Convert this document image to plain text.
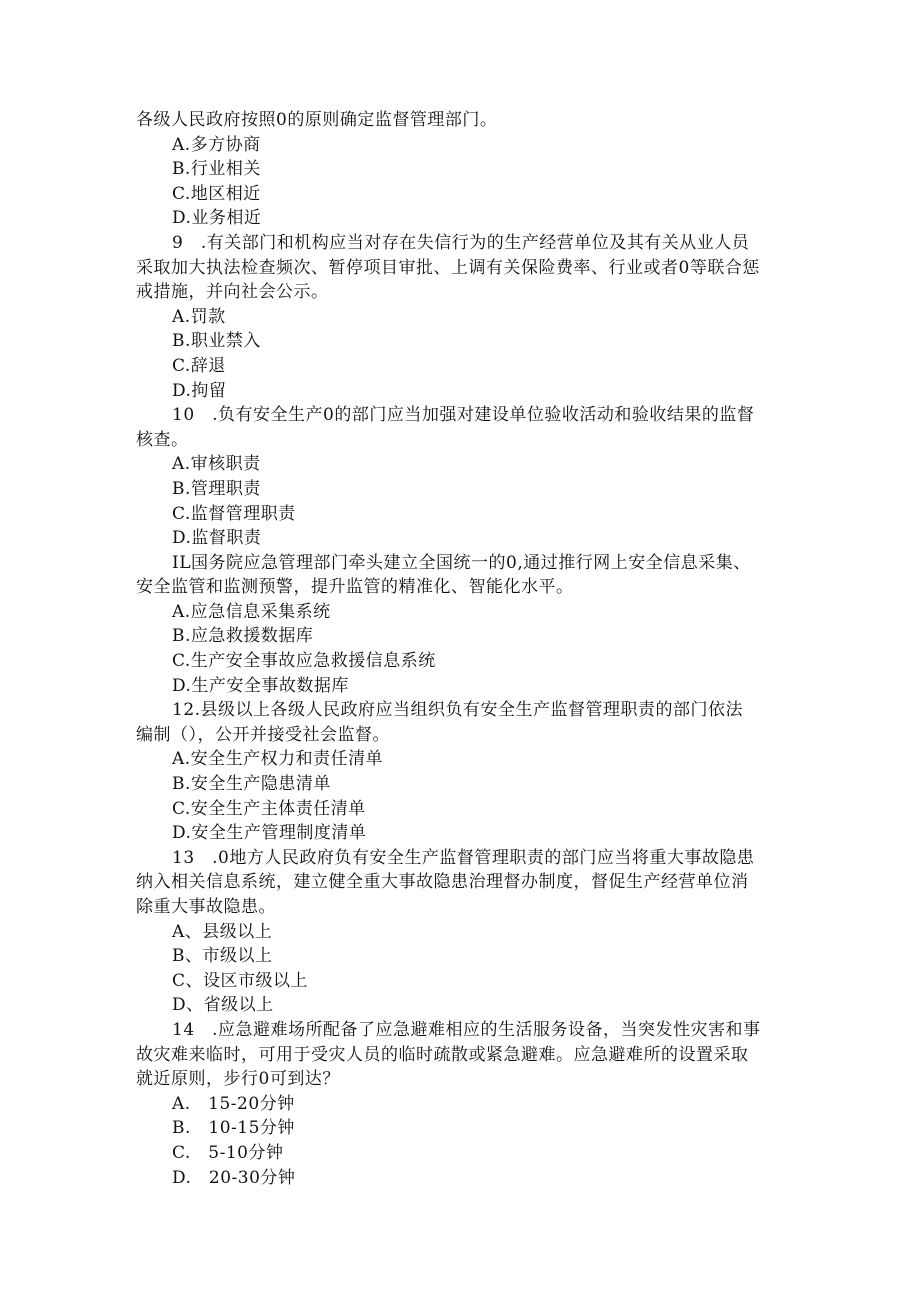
各级人民政府按照0的原则确定监督管理部门。
A.多方协商
B.行业相关
C.地区相近
D.业务相近
9　.有关部门和机构应当对存在失信行为的生产经营单位及其有关从业人员
采取加大执法检查频次、暂停项目审批、上调有关保险费率、行业或者0等联合惩
戒措施，并向社会公示。
A.罚款
B.职业禁入
C.辞退
D.拘留
10　.负有安全生产0的部门应当加强对建设单位验收活动和验收结果的监督
核查。
A.审核职责
B.管理职责
C.监督管理职责
D.监督职责
IL国务院应急管理部门牵头建立全国统一的0,通过推行网上安全信息采集、
安全监管和监测预警，提升监管的精准化、智能化水平。
A.应急信息采集系统
B.应急救援数据库
C.生产安全事故应急救援信息系统
D.生产安全事故数据库
12.县级以上各级人民政府应当组织负有安全生产监督管理职责的部门依法
编制（），公开并接受社会监督。
A.安全生产权力和责任清单
B.安全生产隐患清单
C.安全生产主体责任清单
D.安全生产管理制度清单
13　.0地方人民政府负有安全生产监督管理职责的部门应当将重大事故隐患
纳入相关信息系统，建立健全重大事故隐患治理督办制度，督促生产经营单位消
除重大事故隐患。
A、县级以上
B、市级以上
C、设区市级以上
D、省级以上
14　.应急避难场所配备了应急避难相应的生活服务设备，当突发性灾害和事
故灾难来临时，可用于受灾人员的临时疏散或紧急避难。应急避难所的设置采取
就近原则，步行0可到达？
A.　15-20分钟
B.　10-15分钟
C.　5-10分钟
D.　20-30分钟
